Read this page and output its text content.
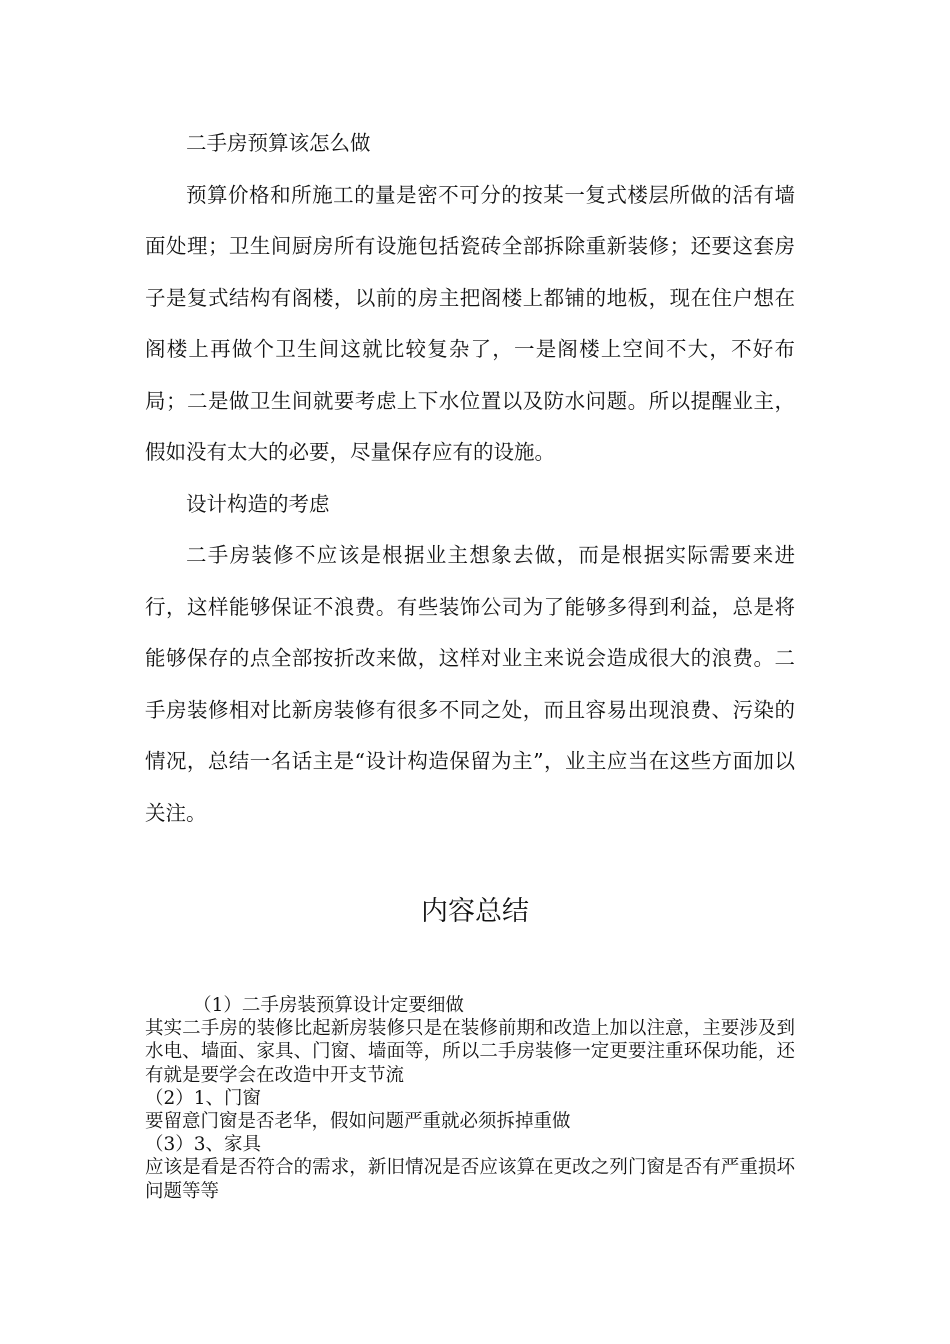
二手房预算该怎么做

预算价格和所施工的量是密不可分的按某一复式楼层所做的活有墙面处理；卫生间厨房所有设施包括瓷砖全部拆除重新装修；还要这套房子是复式结构有阁楼，以前的房主把阁楼上都铺的地板，现在住户想在阁楼上再做个卫生间这就比较复杂了，一是阁楼上空间不大，不好布局；二是做卫生间就要考虑上下水位置以及防水问题。所以提醒业主，假如没有太大的必要，尽量保存应有的设施。

设计构造的考虑

二手房装修不应该是根据业主想象去做，而是根据实际需要来进行，这样能够保证不浪费。有些装饰公司为了能够多得到利益，总是将能够保存的点全部按折改来做，这样对业主来说会造成很大的浪费。二手房装修相对比新房装修有很多不同之处，而且容易出现浪费、污染的情况，总结一名话主是“设计构造保留为主”，业主应当在这些方面加以关注。

内容总结

（1）二手房装预算设计定要细做

其实二手房的装修比起新房装修只是在装修前期和改造上加以注意，主要涉及到水电、墙面、家具、门窗、墙面等，所以二手房装修一定更要注重环保功能，还有就是要学会在改造中开支节流

（2）1、门窗

要留意门窗是否老华，假如问题严重就必须拆掉重做

（3）3、家具

应该是看是否符合的需求，新旧情况是否应该算在更改之列门窗是否有严重损坏问题等等
